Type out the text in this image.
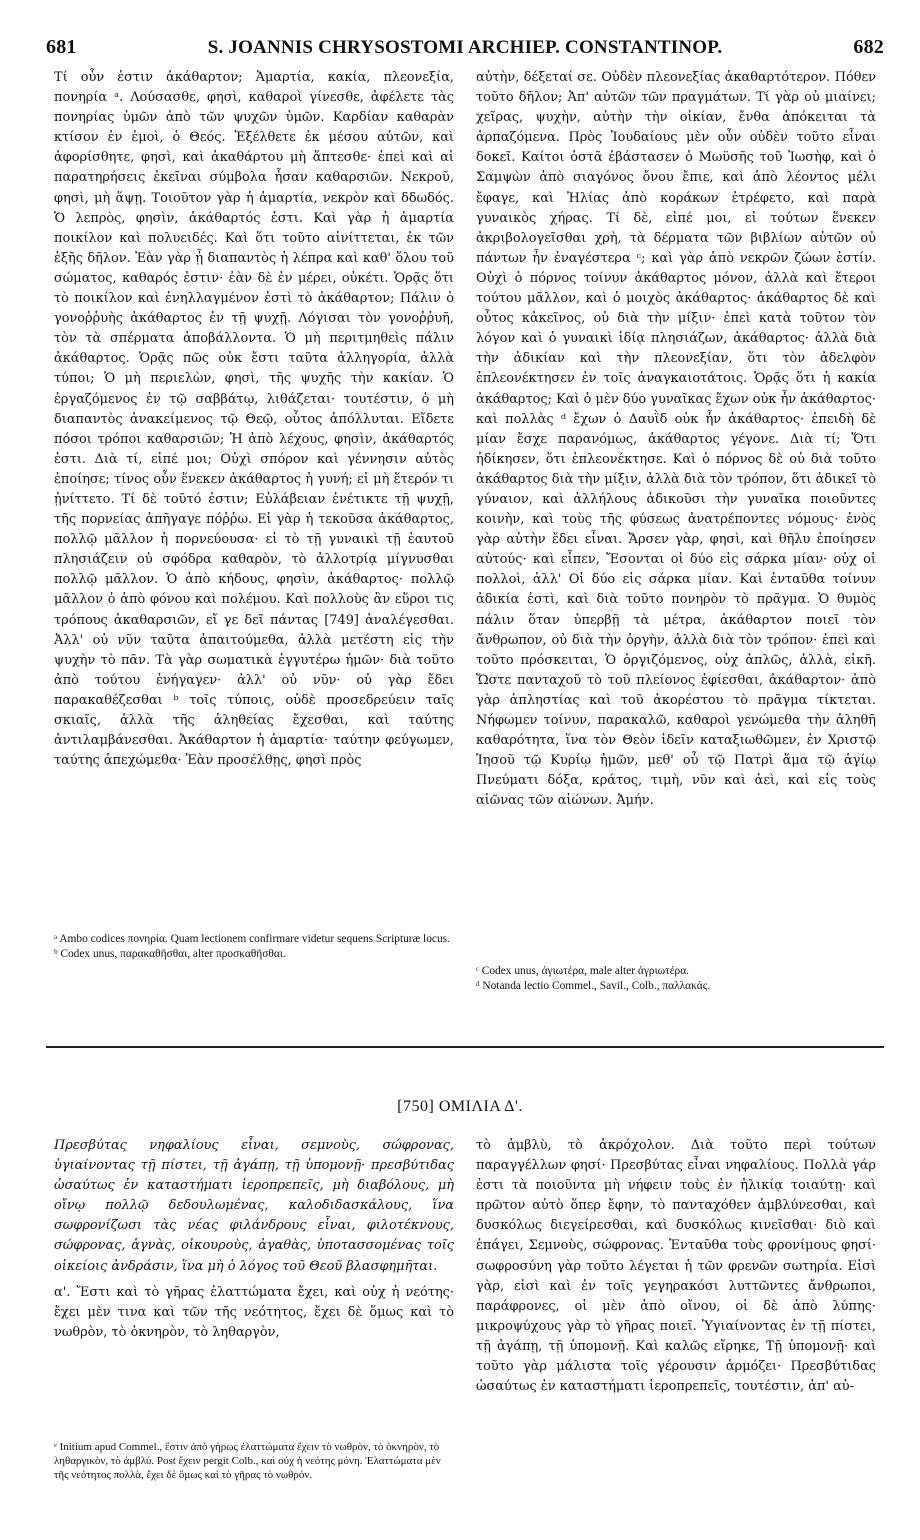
681	S. JOANNIS CHRYSOSTOMI ARCHIEP. CONSTANTINOP.	682

Τί οὖν ἐστιν ἀκάθαρτον; Ἁμαρτία, κακία, πλεονεξία, πονηρία ᵃ. Λούσασθε, φησὶ, καθαροὶ γίνεσθε, ἀφέλετε τὰς πονηρίας ὑμῶν ἀπὸ τῶν ψυχῶν ὑμῶν. Καρδίαν καθαρὰν κτίσον ἐν ἐμοὶ, ὁ Θεός. Ἐξέλθετε ἐκ μέσου αὐτῶν, καὶ ἀφορίσθητε, φησὶ, καὶ ἀκαθάρτου μὴ ἅπτεσθε· ἐπεὶ καὶ αἱ παρατηρήσεις ἐκεῖναι σύμβολα ἦσαν καθαρσιῶν. Νεκροῦ, φησὶ, μὴ ἅψῃ. Τοιοῦτον γὰρ ἡ ἁμαρτία, νεκρὸν καὶ δδωδός. Ὁ λεπρὸς, φησὶν, ἀκάθαρτός ἐστι. Καὶ γὰρ ἡ ἁμαρτία ποικίλον καὶ πολυειδές. Καὶ ὅτι τοῦτο αἰνίττεται, ἐκ τῶν ἑξῆς δῆλον. Ἐὰν γὰρ ᾖ διαπαντὸς ἡ λέπρα καὶ καθ' ὅλου τοῦ σώματος, καθαρός ἐστιν· ἐὰν δὲ ἐν μέρει, οὐκέτι. Ὁρᾷς ὅτι τὸ ποικίλον καὶ ἐνηλλαγμένον ἐστὶ τὸ ἀκάθαρτον; Πάλιν ὁ γονοῤῥυὴς ἀκάθαρτος ἐν τῇ ψυχῇ. Λόγισαι τὸν γονοῤῥυῆ, τὸν τὰ σπέρματα ἀποβάλλοντα. Ὁ μὴ περιτμηθεὶς πάλιν ἀκάθαρτος. Ὁρᾷς πῶς οὐκ ἔστι ταῦτα ἀλληγορία, ἀλλὰ τύποι; Ὁ μὴ περιελὼν, φησὶ, τῆς ψυχῆς τὴν κακίαν. Ὁ ἐργαζόμενος ἐν τῷ σαββάτῳ, λιθάζεται· τουτέστιν, ὁ μὴ διαπαντὸς ἀνακείμενος τῷ Θεῷ, οὗτος ἀπόλλυται. Εἴδετε πόσοι τρόποι καθαρσιῶν; Ἡ ἀπὸ λέχους, φησὶν, ἀκάθαρτός ἐστι. Διὰ τί, εἰπέ μοι; Οὐχὶ σπόρον καὶ γέννησιν αὐτὸς ἐποίησε; τίνος οὖν ἕνεκεν ἀκάθαρτος ἡ γυνή; εἰ μὴ ἕτερόν τι ᾐνίττετο. Τί δὲ τοῦτό ἐστιν; Εὐλάβειαν ἐνέτικτε τῇ ψυχῇ, τῆς πορνείας ἀπῆγαγε πόῤῥω. Εἰ γὰρ ἡ τεκοῦσα ἀκάθαρτος, πολλῷ μᾶλλον ἡ πορνεύουσα· εἰ τὸ τῇ γυναικὶ τῇ ἑαυτοῦ πλησιάζειν οὐ σφόδρα καθαρὸν, τὸ ἀλλοτρίᾳ μίγνυσθαι πολλῷ μᾶλλον. Ὁ ἀπὸ κήδους, φησὶν, ἀκάθαρτος· πολλῷ μᾶλλον ὁ ἀπὸ φόνου καὶ πολέμου. Καὶ πολλοὺς ἂν εὕροι τις τρόπους ἀκαθαρσιῶν, εἴ γε δεῖ πάντας [749] ἀναλέγεσθαι. Ἀλλ' οὐ νῦν ταῦτα ἀπαιτούμεθα, ἀλλὰ μετέστη εἰς τὴν ψυχὴν τὸ πᾶν. Τὰ γὰρ σωματικὰ ἐγγυτέρω ἡμῶν· διὰ τοῦτο ἀπὸ τούτου ἐνήγαγεν· ἀλλ' οὐ νῦν· οὐ γὰρ ἔδει παρακαθέζεσθαι ᵇ τοῖς τύποις, οὐδὲ προσεδρεύειν ταῖς σκιαῖς, ἀλλὰ τῆς ἀληθείας ἔχεσθαι, καὶ ταύτης ἀντιλαμβάνεσθαι. Ἀκάθαρτον ἡ ἁμαρτία· ταύτην φεύγωμεν, ταύτης ἀπεχώμεθα· Ἐὰν προσέλθῃς, φησὶ πρὸς

αὐτὴν, δέξεταί σε. Οὐδὲν πλεονεξίας ἀκαθαρτότερον. Πόθεν τοῦτο δῆλον; Ἀπ' αὐτῶν τῶν πραγμάτων. Τί γὰρ οὐ μιαίνει; χεῖρας, ψυχὴν, αὐτὴν τὴν οἰκίαν, ἔνθα ἀπόκειται τὰ ἁρπαζόμενα. Πρὸς Ἰουδαίους μὲν οὖν οὐδὲν τοῦτο εἶναι δοκεῖ. Καίτοι ὀστᾶ ἐβάστασεν ὁ Μωϋσῆς τοῦ Ἰωσὴφ, καὶ ὁ Σαμψὼν ἀπὸ σιαγόνος ὄνου ἔπιε, καὶ ἀπὸ λέοντος μέλι ἔφαγε, καὶ Ἠλίας ἀπὸ κοράκων ἐτρέφετο, καὶ παρὰ γυναικὸς χήρας. Τί δὲ, εἰπέ μοι, εἰ τούτων ἕνεκεν ἀκριβολογεῖσθαι χρὴ, τὰ δέρματα τῶν βιβλίων αὐτῶν οὐ πάντων ἦν ἐναγέστερα ᶜ; καὶ γὰρ ἀπὸ νεκρῶν ζώων ἐστίν. Οὐχὶ ὁ πόρνος τοίνυν ἀκάθαρτος μόνον, ἀλλὰ καὶ ἕτεροι τούτου μᾶλλον, καὶ ὁ μοιχὸς ἀκάθαρτος· ἀκάθαρτος δὲ καὶ οὗτος κἀκεῖνος, οὐ διὰ τὴν μίξιν· ἐπεὶ κατὰ τοῦτον τὸν λόγον καὶ ὁ γυναικὶ ἰδίᾳ πλησιάζων, ἀκάθαρτος· ἀλλὰ διὰ τὴν ἀδικίαν καὶ τὴν πλεονεξίαν, ὅτι τὸν ἀδελφὸν ἐπλεονέκτησεν ἐν τοῖς ἀναγκαιοτάτοις. Ὁρᾷς ὅτι ἡ κακία ἀκάθαρτος; Καὶ ὁ μὲν δύο γυναῖκας ἔχων οὐκ ἦν ἀκάθαρτος· καὶ πολλὰς ᵈ ἔχων ὁ Δαυῒδ οὐκ ἦν ἀκάθαρτος· ἐπειδὴ δὲ μίαν ἔσχε παρανόμως, ἀκάθαρτος γέγονε. Διὰ τί; Ὅτι ἠδίκησεν, ὅτι ἐπλεονέκτησε. Καὶ ὁ πόρνος δὲ οὐ διὰ τοῦτο ἀκάθαρτος διὰ τὴν μίξιν, ἀλλὰ διὰ τὸν τρόπον, ὅτι ἀδικεῖ τὸ γύναιον, καὶ ἀλλήλους ἀδικοῦσι τὴν γυναῖκα ποιοῦντες κοινὴν, καὶ τοὺς τῆς φύσεως ἀνατρέποντες νόμους· ἑνὸς γὰρ αὐτὴν ἔδει εἶναι. Ἄρσεν γὰρ, φησὶ, καὶ θῆλυ ἐποίησεν αὐτούς· καὶ εἶπεν, Ἔσονται οἱ δύο εἰς σάρκα μίαν· οὐχ οἱ πολλοὶ, ἀλλ' Οἱ δύο εἰς σάρκα μίαν. Καὶ ἐνταῦθα τοίνυν ἀδικία ἐστὶ, καὶ διὰ τοῦτο πονηρὸν τὸ πρᾶγμα. Ὁ θυμὸς πάλιν ὅταν ὑπερβῇ τὰ μέτρα, ἀκάθαρτον ποιεῖ τὸν ἄνθρωπον, οὐ διὰ τὴν ὀργὴν, ἀλλὰ διὰ τὸν τρόπον· ἐπεὶ καὶ τοῦτο πρόσκειται, Ὁ ὀργιζόμενος, οὐχ ἁπλῶς, ἀλλὰ, εἰκῆ. Ὥστε πανταχοῦ τὸ τοῦ πλείονος ἐφίεσθαι, ἀκάθαρτον· ἀπὸ γὰρ ἀπληστίας καὶ τοῦ ἀκορέστου τὸ πρᾶγμα τίκτεται. Νήφωμεν τοίνυν, παρακαλῶ, καθαροὶ γενώμεθα τὴν ἀληθῆ καθαρότητα, ἵνα τὸν Θεὸν ἰδεῖν καταξιωθῶμεν, ἐν Χριστῷ Ἰησοῦ τῷ Κυρίῳ ἡμῶν, μεθ' οὗ τῷ Πατρὶ ἅμα τῷ ἁγίῳ Πνεύματι δόξα, κράτος, τιμὴ, νῦν καὶ ἀεὶ, καὶ εἰς τοὺς αἰῶνας τῶν αἰώνων. Ἀμήν.

ᵃ Ambo codices πονηρία. Quam lectionem confirmare videtur sequens Scripturæ locus.

ᵇ Codex unus, παρακαθῆσθαι, alter προσκαθῆσθαι.

ᶜ Codex unus, ἀγιωτέρα, male alter ἀγριωτέρα.

ᵈ Notanda lectio Commel., Savil., Colb., παλλακάς.

[750] ΟΜΙΛΙΑ Δ'.

Πρεσβύτας νηφαλίους εἶναι, σεμνοὺς, σώφρονας, ὑγιαίνοντας τῇ πίστει, τῇ ἀγάπῃ, τῇ ὑπομονῇ· πρεσβύτιδας ὡσαύτως ἐν καταστήματι ἱεροπρεπεῖς, μὴ διαβόλους, μὴ οἴνῳ πολλῷ δεδουλωμένας, καλοδιδασκάλους, ἵνα σωφρονίζωσι τὰς νέας φιλάνδρους εἶναι, φιλοτέκνους, σώφρονας, ἁγνὰς, οἰκουροὺς, ἀγαθὰς, ὑποτασσομένας τοῖς οἰκείοις ἀνδράσιν, ἵνα μὴ ὁ λόγος τοῦ Θεοῦ βλασφημῆται.

α'. Ἔστι καὶ τὸ γῆρας ἐλαττώματα ἔχει, καὶ οὐχ ἡ νεότης· ἔχει μὲν τινα καὶ τῶν τῆς νεότητος, ἔχει δὲ ὅμως καὶ τὸ νωθρὸν, τὸ ὀκνηρὸν, τὸ ληθαργὸν,

ᵉ Initium apud Commel., ἔστιν ἀπὸ γήρως ἐλαττώματα ἔχειν τὸ νωθρὸν, τὸ ὀκνηρὸν, τὸ ληθαργικὸν, τὸ ἀμβλύ. Post ἔχειν pergit Colb., καὶ οὐχ ἡ νεότης μόνη. Ἐλαττώματα μὲν τῆς νεότητος πολλὰ, ἔχει δὲ ὅμως καὶ τὸ γῆρας τὸ νωθρόν.

τὸ ἀμβλὺ, τὸ ἀκρόχολον. Διὰ τοῦτο περὶ τούτων παραγγέλλων φησί· Πρεσβύτας εἶναι νηφαλίους. Πολλὰ γάρ ἐστι τὰ ποιοῦντα μὴ νήφειν τοὺς ἐν ἡλικίᾳ τοιαύτῃ· καὶ πρῶτον αὐτὸ ὅπερ ἔφην, τὸ πανταχόθεν ἀμβλύνεσθαι, καὶ δυσκόλως διεγείρεσθαι, καὶ δυσκόλως κινεῖσθαι· διὸ καὶ ἐπάγει, Σεμνοὺς, σώφρονας. Ἐνταῦθα τοὺς φρονίμους φησί· σωφροσύνη γὰρ τοῦτο λέγεται ἡ τῶν φρενῶν σωτηρία. Εἰσὶ γὰρ, εἰσὶ καὶ ἐν τοῖς γεγηρακόσι λυττῶντες ἄνθρωποι, παράφρονες, οἱ μὲν ἀπὸ οἴνου, οἱ δὲ ἀπὸ λύπης· μικροψύχους γὰρ τὸ γῆρας ποιεῖ. Ὑγιαίνοντας ἐν τῇ πίστει, τῇ ἀγάπῃ, τῇ ὑπομονῇ. Καὶ καλῶς εἴρηκε, Τῇ ὑπομονῇ· καὶ τοῦτο γὰρ μάλιστα τοῖς γέρουσιν ἁρμόζει· Πρεσβύτιδας ὡσαύτως ἐν καταστήματι ἱεροπρεπεῖς, τουτέστιν, ἀπ' αὐ-
